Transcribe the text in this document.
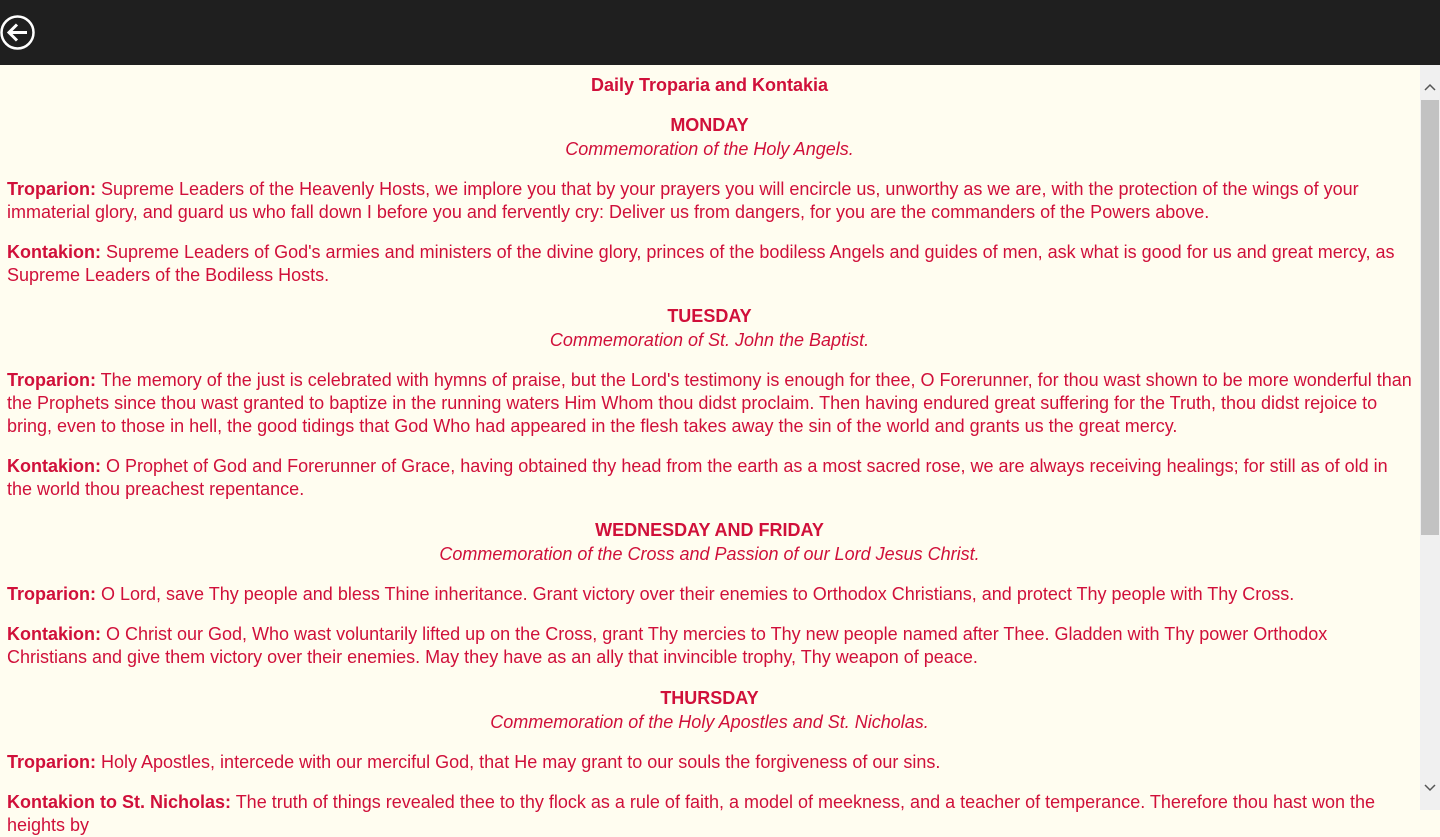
Daily Troparia and Kontakia
MONDAY
Commemoration of the Holy Angels.

Troparion: Supreme Leaders of the Heavenly Hosts, we implore you that by your prayers you will encircle us, unworthy as we are, with the protection of the wings of your immaterial glory, and guard us who fall down I before you and fervently cry: Deliver us from dangers, for you are the commanders of the Powers above.

Kontakion: Supreme Leaders of God's armies and ministers of the divine glory, princes of the bodiless Angels and guides of men, ask what is good for us and great mercy, as Supreme Leaders of the Bodiless Hosts.

TUESDAY
Commemoration of St. John the Baptist.

Troparion: The memory of the just is celebrated with hymns of praise, but the Lord's testimony is enough for thee, O Forerunner, for thou wast shown to be more wonderful than the Prophets since thou wast granted to baptize in the running waters Him Whom thou didst proclaim. Then having endured great suffering for the Truth, thou didst rejoice to bring, even to those in hell, the good tidings that God Who had appeared in the flesh takes away the sin of the world and grants us the great mercy.

Kontakion: O Prophet of God and Forerunner of Grace, having obtained thy head from the earth as a most sacred rose, we are always receiving healings; for still as of old in the world thou preachest repentance.

WEDNESDAY AND FRIDAY
Commemoration of the Cross and Passion of our Lord Jesus Christ.

Troparion: O Lord, save Thy people and bless Thine inheritance. Grant victory over their enemies to Orthodox Christians, and protect Thy people with Thy Cross.

Kontakion: O Christ our God, Who wast voluntarily lifted up on the Cross, grant Thy mercies to Thy new people named after Thee. Gladden with Thy power Orthodox Christians and give them victory over their enemies. May they have as an ally that invincible trophy, Thy weapon of peace.

THURSDAY
Commemoration of the Holy Apostles and St. Nicholas.

Troparion: Holy Apostles, intercede with our merciful God, that He may grant to our souls the forgiveness of our sins.

Kontakion to St. Nicholas: The truth of things revealed thee to thy flock as a rule of faith, a model of meekness, and a teacher of temperance. Therefore thou hast won the heights by
